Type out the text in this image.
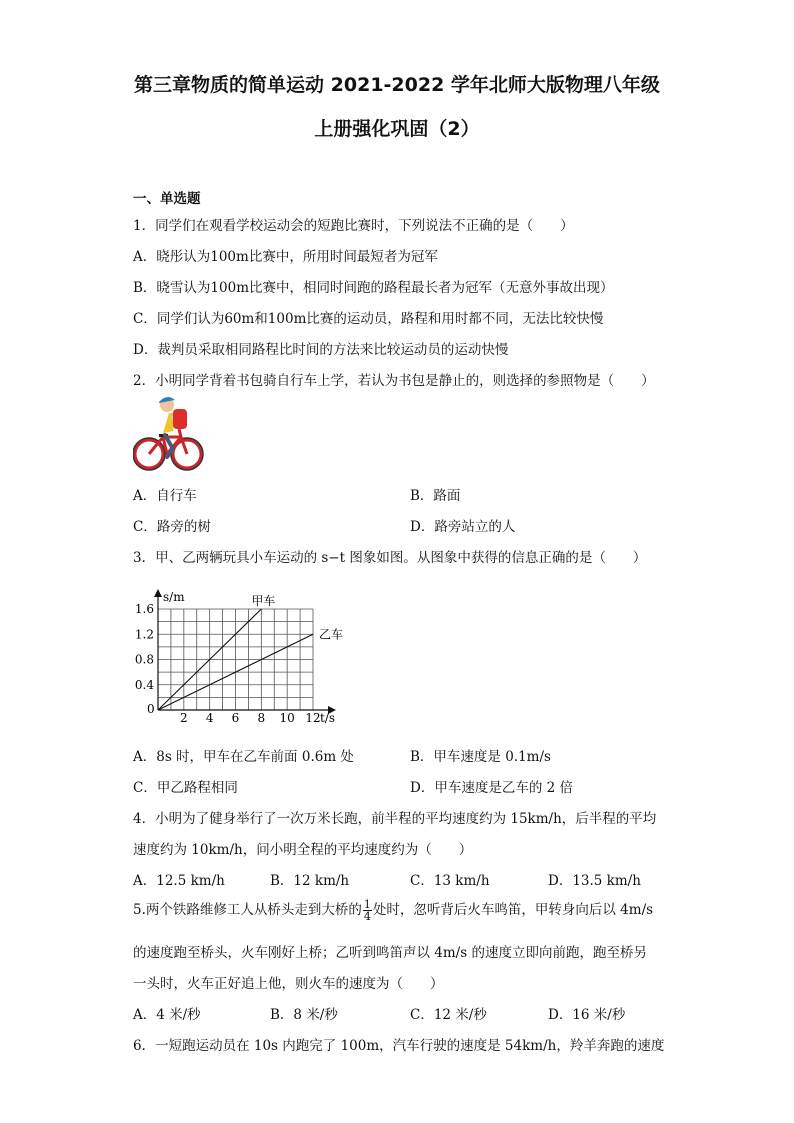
第三章物质的简单运动 2021-2022 学年北师大版物理八年级
上册强化巩固（2）
一、单选题
1．同学们在观看学校运动会的短跑比赛时，下列说法不正确的是（　　）
A．晓彤认为100m比赛中，所用时间最短者为冠军
B．晓雪认为100m比赛中，相同时间跑的路程最长者为冠军（无意外事故出现）
C．同学们认为60m和100m比赛的运动员，路程和用时都不同，无法比较快慢
D．裁判员采取相同路程比时间的方法来比较运动员的运动快慢
2．小明同学背着书包骑自行车上学，若认为书包是静止的，则选择的参照物是（　　）
A．自行车	B．路面
C．路旁的树	D．路旁站立的人
3．甲、乙两辆玩具小车运动的 s−t 图象如图。从图象中获得的信息正确的是（　　）
甲车
乙车
2 4 6 8 10 12
0.4
0.8
1.2
1.6
s/m
t/s
0
A．8s 时，甲车在乙车前面 0.6m 处	B．甲车速度是 0.1m/s
C．甲乙路程相同	D．甲车速度是乙车的 2 倍
4．小明为了健身举行了一次万米长跑，前半程的平均速度约为 15km/h，后半程的平均
速度约为 10km/h，问小明全程的平均速度约为（　　）
A．12.5 km/h	B．12 km/h	C．13 km/h	D．13.5 km/h
5.两个铁路维修工人从桥头走到大桥的 $\frac{1}{4}$ 处时，忽听背后火车鸣笛，甲转身向后以 4m/s
的速度跑至桥头，火车刚好上桥；乙听到鸣笛声以 4m/s 的速度立即向前跑，跑至桥另
一头时，火车正好追上他，则火车的速度为（　　）
A．4 米/秒	B．8 米/秒	C．12 米/秒	D．16 米/秒
6．一短跑运动员在 10s 内跑完了 100m，汽车行驶的速度是 54km/h，羚羊奔跑的速度
